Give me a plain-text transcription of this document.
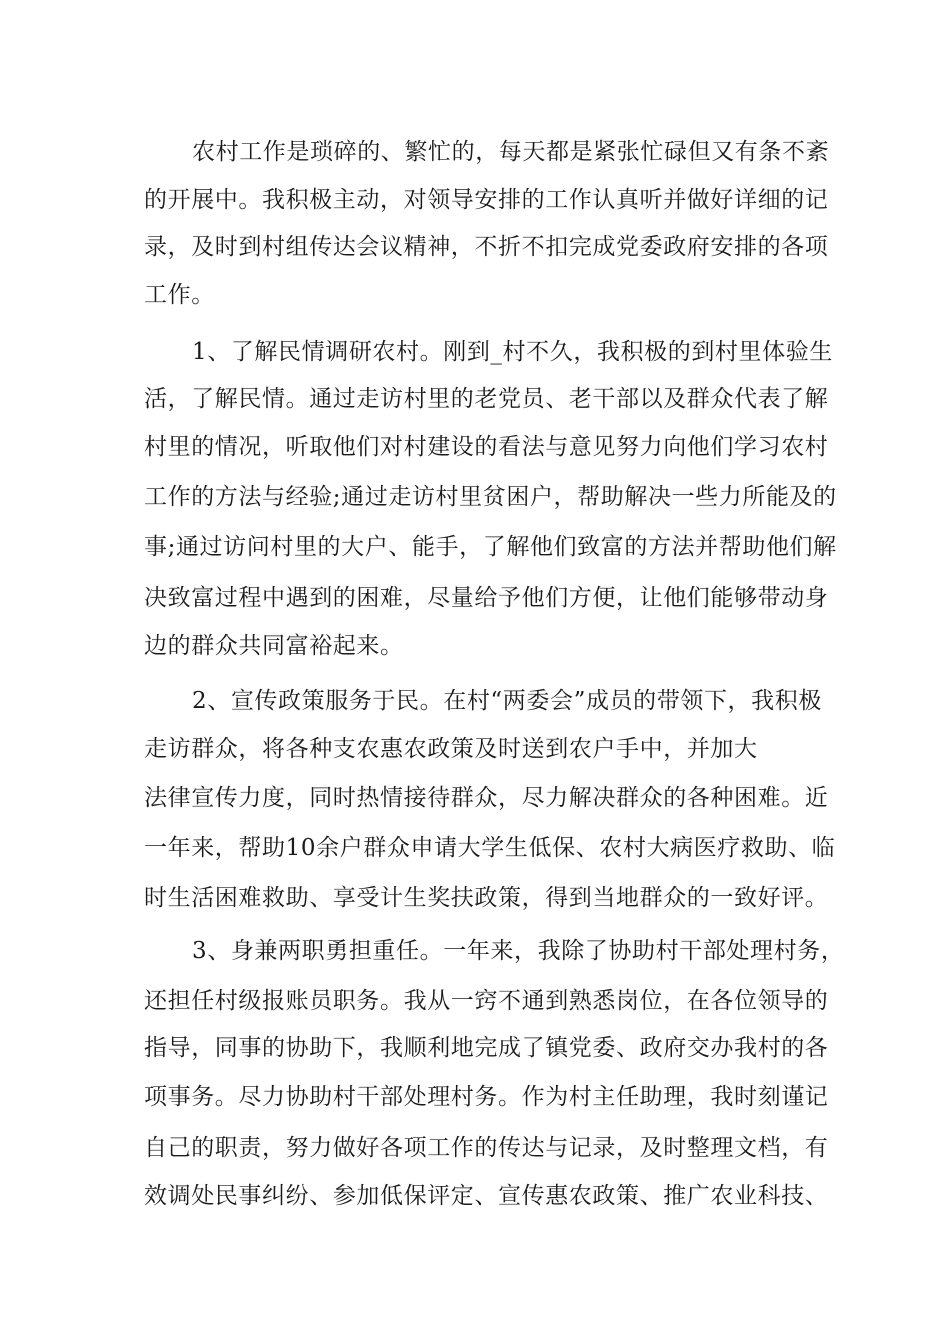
农村工作是琐碎的、繁忙的，每天都是紧张忙碌但又有条不紊
的开展中。我积极主动，对领导安排的工作认真听并做好详细的记
录，及时到村组传达会议精神，不折不扣完成党委政府安排的各项
工作。
1、了解民情调研农村。刚到_村不久，我积极的到村里体验生
活，了解民情。通过走访村里的老党员、老干部以及群众代表了解
村里的情况，听取他们对村建设的看法与意见努力向他们学习农村
工作的方法与经验;通过走访村里贫困户，帮助解决一些力所能及的
事;通过访问村里的大户、能手，了解他们致富的方法并帮助他们解
决致富过程中遇到的困难，尽量给予他们方便，让他们能够带动身
边的群众共同富裕起来。
2、宣传政策服务于民。在村“两委会”成员的带领下，我积极
走访群众，将各种支农惠农政策及时送到农户手中，并加大
法律宣传力度，同时热情接待群众，尽力解决群众的各种困难。近
一年来，帮助10余户群众申请大学生低保、农村大病医疗救助、临
时生活困难救助、享受计生奖扶政策，得到当地群众的一致好评。
3、身兼两职勇担重任。一年来，我除了协助村干部处理村务，
还担任村级报账员职务。我从一窍不通到熟悉岗位，在各位领导的
指导，同事的协助下，我顺利地完成了镇党委、政府交办我村的各
项事务。尽力协助村干部处理村务。作为村主任助理，我时刻谨记
自己的职责，努力做好各项工作的传达与记录，及时整理文档，有
效调处民事纠纷、参加低保评定、宣传惠农政策、推广农业科技、
